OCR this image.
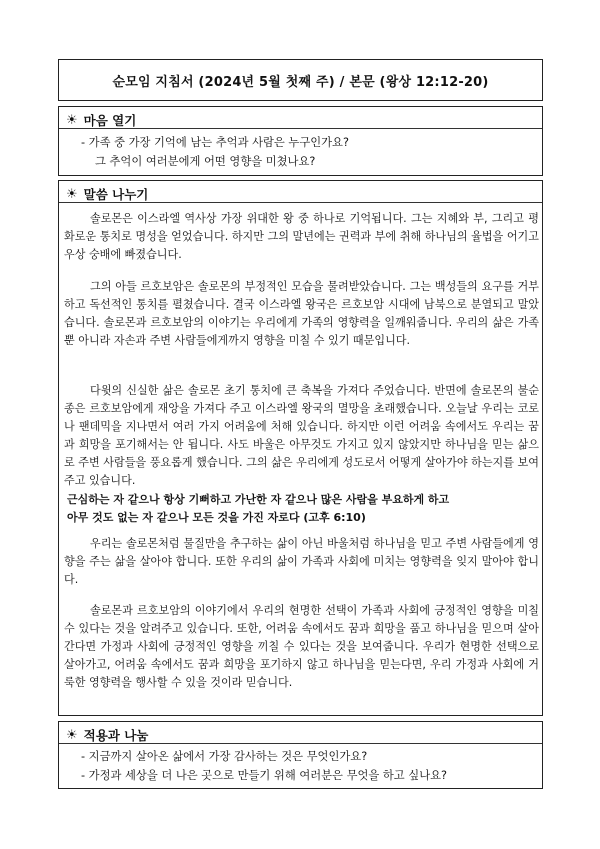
순모임 지침서 (2024년 5월 첫째 주) / 본문 (왕상 12:12-20)
☀ 마음 열기
- 가족 중 가장 기억에 남는 추억과 사람은 누구인가요?
그 추억이 여러분에게 어떤 영향을 미쳤나요?
☀ 말씀 나누기

솔로몬은 이스라엘 역사상 가장 위대한 왕 중 하나로 기억됩니다. 그는 지혜와 부, 그리고 평화로운 통치로 명성을 얻었습니다. 하지만 그의 말년에는 권력과 부에 취해 하나님의 율법을 어기고 우상 숭배에 빠졌습니다.

그의 아들 르호보암은 솔로몬의 부정적인 모습을 물려받았습니다. 그는 백성들의 요구를 거부하고 독선적인 통치를 펼쳤습니다. 결국 이스라엘 왕국은 르호보암 시대에 남북으로 분열되고 말았습니다. 솔로몬과 르호보암의 이야기는 우리에게 가족의 영향력을 일깨워줍니다. 우리의 삶은 가족뿐 아니라 자손과 주변 사람들에게까지 영향을 미칠 수 있기 때문입니다.

다윗의 신실한 삶은 솔로몬 초기 통치에 큰 축복을 가져다 주었습니다. 반면에 솔로몬의 불순종은 르호보암에게 재앙을 가져다 주고 이스라엘 왕국의 멸망을 초래했습니다. 오늘날 우리는 코로나 팬데믹을 지나면서 여러 가지 어려움에 처해 있습니다. 하지만 이런 어려움 속에서도 우리는 꿈과 희망을 포기해서는 안 됩니다. 사도 바울은 아무것도 가지고 있지 않았지만 하나님을 믿는 삶으로 주변 사람들을 풍요롭게 했습니다. 그의 삶은 우리에게 성도로서 어떻게 살아가야 하는지를 보여주고 있습니다.

근심하는 자 같으나 항상 기뻐하고 가난한 자 같으나 많은 사람을 부요하게 하고
아무 것도 없는 자 같으나 모든 것을 가진 자로다 (고후 6:10)

우리는 솔로몬처럼 물질만을 추구하는 삶이 아닌 바울처럼 하나님을 믿고 주변 사람들에게 영향을 주는 삶을 살아야 합니다. 또한 우리의 삶이 가족과 사회에 미치는 영향력을 잊지 말아야 합니다.

솔로몬과 르호보암의 이야기에서 우리의 현명한 선택이 가족과 사회에 긍정적인 영향을 미칠 수 있다는 것을 알려주고 있습니다. 또한, 어려움 속에서도 꿈과 희망을 품고 하나님을 믿으며 살아간다면 가정과 사회에 긍정적인 영향을 끼칠 수 있다는 것을 보여줍니다. 우리가 현명한 선택으로 살아가고, 어려움 속에서도 꿈과 희망을 포기하지 않고 하나님을 믿는다면, 우리 가정과 사회에 거룩한 영향력을 행사할 수 있을 것이라 믿습니다.

☀ 적용과 나눔
- 지금까지 살아온 삶에서 가장 감사하는 것은 무엇인가요?
- 가정과 세상을 더 나은 곳으로 만들기 위해 여러분은 무엇을 하고 싶나요?
